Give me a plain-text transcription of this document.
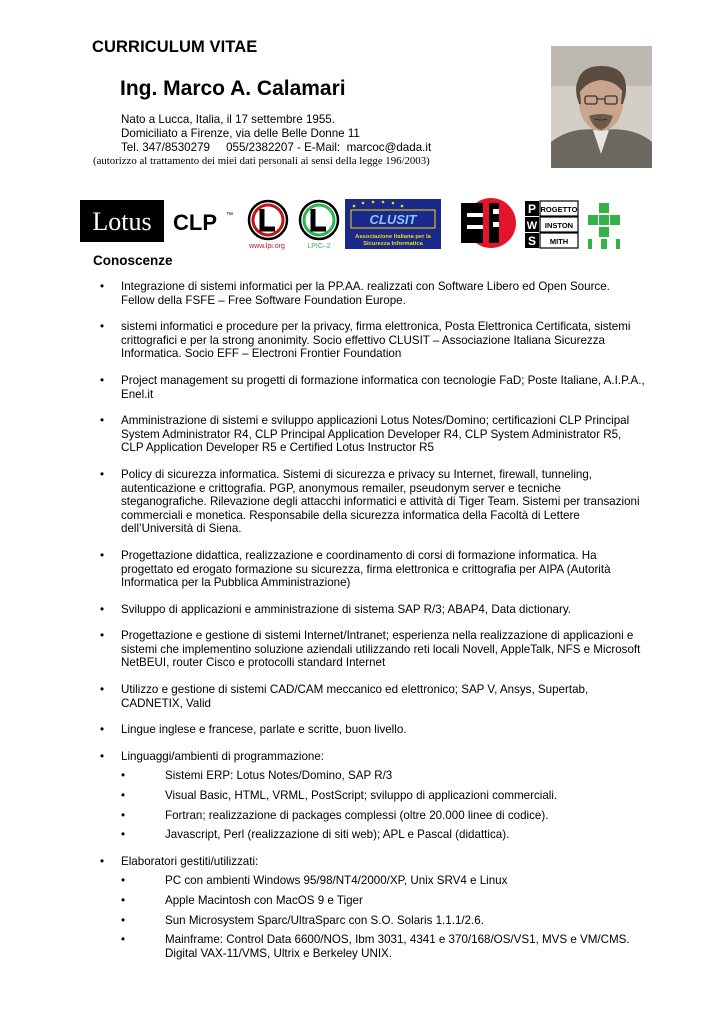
CURRICULUM VITAE
Ing. Marco A. Calamari
Nato a Lucca, Italia, il 17 settembre 1955.
Domiciliato a Firenze, via delle Belle Donne 11
Tel. 347/8530279     055/2382207 - E-Mail:  marcoc@dada.it
(autorizzo al trattamento dei miei dati personali ai sensi della legge 196/2003)
Lotus CLP ™
www.lpi.org	LPIC–2
CLUSIT
Associazione Italiana per la
Sicurezza Informatica
P
W
S
ROGETTO
INSTON
MITH
Conoscenze
• Integrazione di sistemi informatici per la PP.AA. realizzati con Software Libero ed Open Source. Fellow della FSFE – Free Software Foundation Europe.
• sistemi informatici e procedure per la privacy, firma elettronica, Posta Elettronica Certificata, sistemi crittografici e per la strong anonimity. Socio effettivo CLUSIT – Associazione Italiana Sicurezza Informatica. Socio EFF – Electroni Frontier Foundation
• Project management su progetti di formazione informatica con tecnologie FaD; Poste Italiane, A.I.P.A., Enel.it
• Amministrazione di sistemi e sviluppo applicazioni Lotus Notes/Domino; certificazioni CLP Principal System Administrator R4, CLP Principal Application Developer R4, CLP System Administrator R5, CLP Application Developer R5 e Certified Lotus Instructor R5
• Policy di sicurezza informatica. Sistemi di sicurezza e privacy su Internet, firewall, tunneling, autenticazione e crittografia. PGP, anonymous remailer, pseudonym server e tecniche steganografiche. Rilevazione degli attacchi informatici e attività di Tiger Team. Sistemi per transazioni commerciali e monetica. Responsabile della sicurezza informatica della Facoltà di Lettere dell’Università di Siena.
• Progettazione didattica, realizzazione e coordinamento di corsi di formazione informatica. Ha progettato ed erogato formazione su sicurezza, firma elettronica e crittografia per AIPA (Autorità Informatica per la Pubblica Amministrazione)
• Sviluppo di applicazioni e amministrazione di sistema SAP R/3; ABAP4, Data dictionary.
• Progettazione e gestione di sistemi Internet/Intranet; esperienza nella realizzazione di applicazioni e sistemi che implementino soluzione aziendali utilizzando reti locali Novell, AppleTalk, NFS e Microsoft NetBEUI, router Cisco e protocolli standard Internet
• Utilizzo e gestione di sistemi CAD/CAM meccanico ed elettronico; SAP V, Ansys, Supertab, CADNETIX, Valid
• Lingue inglese e francese, parlate e scritte, buon livello.
• Linguaggi/ambienti di programmazione:
•	Sistemi ERP: Lotus Notes/Domino, SAP R/3
•	Visual Basic, HTML, VRML, PostScript; sviluppo di applicazioni commerciali.
•	Fortran; realizzazione di packages complessi (oltre 20.000 linee di codice).
•	Javascript, Perl (realizzazione di siti web); APL e Pascal (didattica).
• Elaboratori gestiti/utilizzati:
•	PC con ambienti Windows 95/98/NT4/2000/XP, Unix SRV4 e Linux
•	Apple Macintosh con MacOS 9 e Tiger
•	Sun Microsystem Sparc/UltraSparc con S.O. Solaris 1.1.1/2.6.
•	Mainframe: Control Data 6600/NOS, Ibm 3031, 4341 e 370/168/OS/VS1, MVS e VM/CMS. Digital VAX-11/VMS, Ultrix e Berkeley UNIX.
